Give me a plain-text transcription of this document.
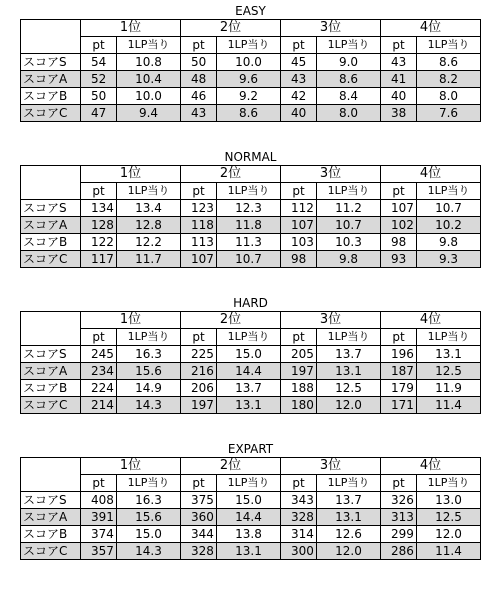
EASY
	1位		2位		3位		4位	
	pt	1LP当り	pt	1LP当り	pt	1LP当り	pt	1LP当り
スコアS	54	10.8	50	10.0	45	9.0	43	8.6
スコアA	52	10.4	48	9.6	43	8.6	41	8.2
スコアB	50	10.0	46	9.2	42	8.4	40	8.0
スコアC	47	9.4	43	8.6	40	8.0	38	7.6
NORMAL
	1位		2位		3位		4位	
	pt	1LP当り	pt	1LP当り	pt	1LP当り	pt	1LP当り
スコアS	134	13.4	123	12.3	112	11.2	107	10.7
スコアA	128	12.8	118	11.8	107	10.7	102	10.2
スコアB	122	12.2	113	11.3	103	10.3	98	9.8
スコアC	117	11.7	107	10.7	98	9.8	93	9.3
HARD
	1位		2位		3位		4位	
	pt	1LP当り	pt	1LP当り	pt	1LP当り	pt	1LP当り
スコアS	245	16.3	225	15.0	205	13.7	196	13.1
スコアA	234	15.6	216	14.4	197	13.1	187	12.5
スコアB	224	14.9	206	13.7	188	12.5	179	11.9
スコアC	214	14.3	197	13.1	180	12.0	171	11.4
EXPART
	1位		2位		3位		4位	
	pt	1LP当り	pt	1LP当り	pt	1LP当り	pt	1LP当り
スコアS	408	16.3	375	15.0	343	13.7	326	13.0
スコアA	391	15.6	360	14.4	328	13.1	313	12.5
スコアB	374	15.0	344	13.8	314	12.6	299	12.0
スコアC	357	14.3	328	13.1	300	12.0	286	11.4
